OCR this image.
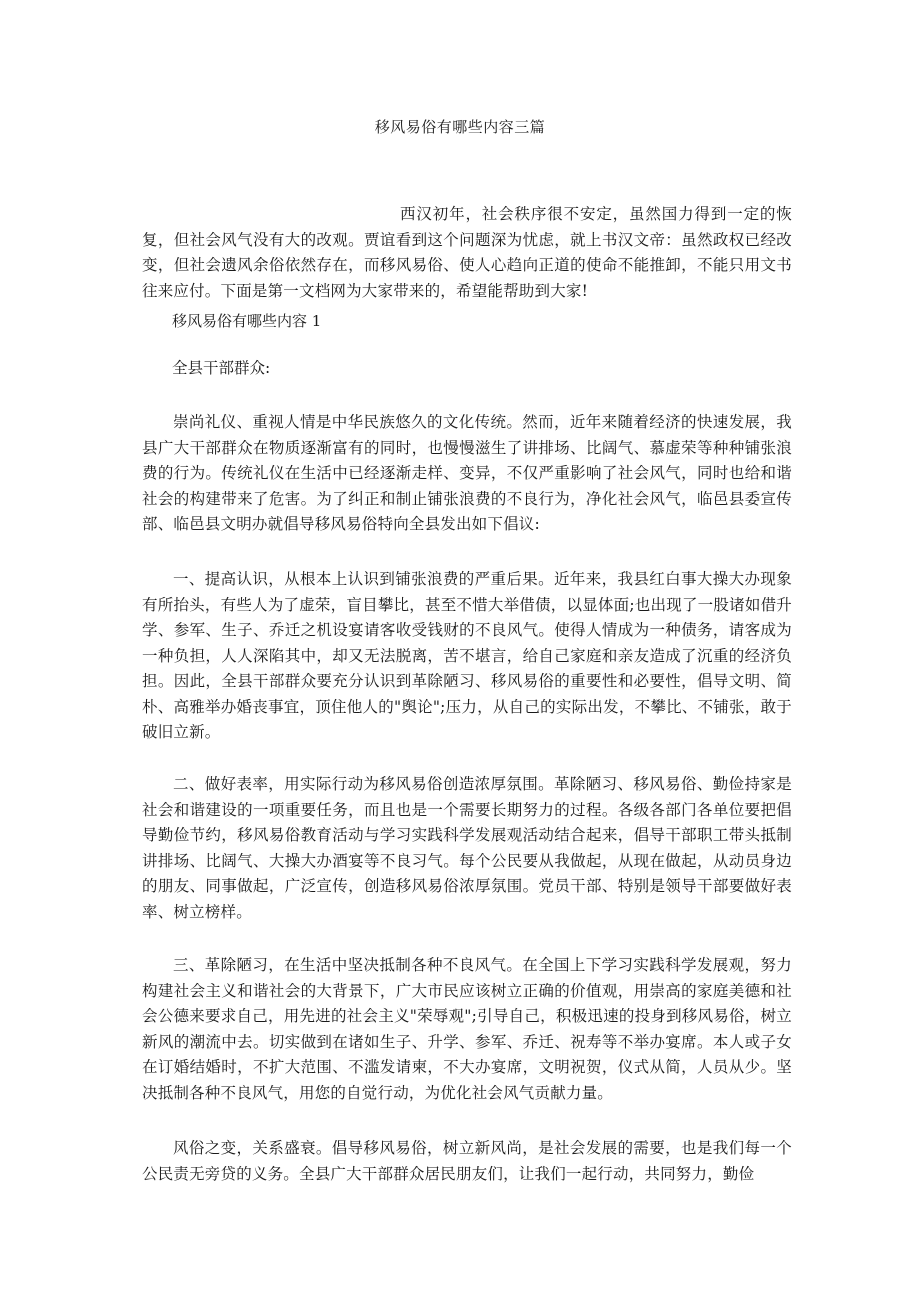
移风易俗有哪些内容三篇
西汉初年，社会秩序很不安定，虽然国力得到一定的恢复，但社会风气没有大的改观。贾谊看到这个问题深为忧虑，就上书汉文帝：虽然政权已经改变，但社会遗风余俗依然存在，而移风易俗、使人心趋向正道的使命不能推卸，不能只用文书往来应付。下面是第一文档网为大家带来的，希望能帮助到大家!
移风易俗有哪些内容 1
全县干部群众:
崇尚礼仪、重视人情是中华民族悠久的文化传统。然而，近年来随着经济的快速发展，我县广大干部群众在物质逐渐富有的同时，也慢慢滋生了讲排场、比阔气、慕虚荣等种种铺张浪费的行为。传统礼仪在生活中已经逐渐走样、变异，不仅严重影响了社会风气，同时也给和谐社会的构建带来了危害。为了纠正和制止铺张浪费的不良行为，净化社会风气，临邑县委宣传部、临邑县文明办就倡导移风易俗特向全县发出如下倡议:
一、提高认识，从根本上认识到铺张浪费的严重后果。近年来，我县红白事大操大办现象有所抬头，有些人为了虚荣，盲目攀比，甚至不惜大举借债，以显体面;也出现了一股诸如借升学、参军、生子、乔迁之机设宴请客收受钱财的不良风气。使得人情成为一种债务，请客成为一种负担，人人深陷其中，却又无法脱离，苦不堪言，给自己家庭和亲友造成了沉重的经济负担。因此，全县干部群众要充分认识到革除陋习、移风易俗的重要性和必要性，倡导文明、简朴、高雅举办婚丧事宜，顶住他人的"舆论";压力，从自己的实际出发，不攀比、不铺张，敢于破旧立新。
二、做好表率，用实际行动为移风易俗创造浓厚氛围。革除陋习、移风易俗、勤俭持家是社会和谐建设的一项重要任务，而且也是一个需要长期努力的过程。各级各部门各单位要把倡导勤俭节约，移风易俗教育活动与学习实践科学发展观活动结合起来，倡导干部职工带头抵制讲排场、比阔气、大操大办酒宴等不良习气。每个公民要从我做起，从现在做起，从动员身边的朋友、同事做起，广泛宣传，创造移风易俗浓厚氛围。党员干部、特别是领导干部要做好表率、树立榜样。
三、革除陋习，在生活中坚决抵制各种不良风气。在全国上下学习实践科学发展观，努力构建社会主义和谐社会的大背景下，广大市民应该树立正确的价值观，用崇高的家庭美德和社会公德来要求自己，用先进的社会主义"荣辱观";引导自己，积极迅速的投身到移风易俗，树立新风的潮流中去。切实做到在诸如生子、升学、参军、乔迁、祝寿等不举办宴席。本人或子女在订婚结婚时，不扩大范围、不滥发请柬，不大办宴席，文明祝贺，仪式从简，人员从少。坚决抵制各种不良风气，用您的自觉行动，为优化社会风气贡献力量。
风俗之变，关系盛衰。倡导移风易俗，树立新风尚，是社会发展的需要，也是我们每一个公民责无旁贷的义务。全县广大干部群众居民朋友们，让我们一起行动，共同努力，勤俭
